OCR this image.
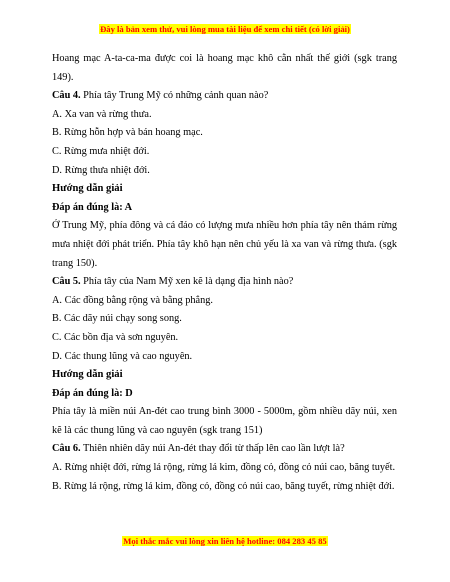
Đây là bản xem thử, vui lòng mua tài liệu để xem chi tiết (có lời giải)

Hoang mạc A-ta-ca-ma được coi là hoang mạc khô cằn nhất thế giới (sgk trang 149).

Câu 4. Phía tây Trung Mỹ có những cảnh quan nào?

A. Xa van và rừng thưa.

B. Rừng hỗn hợp và bán hoang mạc.

C. Rừng mưa nhiệt đới.

D. Rừng thưa nhiệt đới.

Hướng dẫn giải

Đáp án đúng là: A

Ở Trung Mỹ, phía đông và cá đảo có lượng mưa nhiều hơn phía tây nên thảm rừng mưa nhiệt đới phát triển. Phía tây khô hạn nên chủ yếu là xa van và rừng thưa. (sgk trang 150).

Câu 5. Phía tây của Nam Mỹ xen kẽ là dạng địa hình nào?

A. Các đồng bằng rộng và bằng phẳng.

B. Các dãy núi chạy song song.

C. Các bồn địa và sơn nguyên.

D. Các thung lũng và cao nguyên.

Hướng dẫn giải

Đáp án đúng là: D

Phía tây là miền núi An-đét cao trung bình 3000 - 5000m, gồm nhiều dãy núi, xen kẽ là các thung lũng và cao nguyên (sgk trang 151)

Câu 6. Thiên nhiên dãy núi An-đét thay đổi từ thấp lên cao lần lượt là?

A. Rừng nhiệt đới, rừng lá rộng, rừng lá kim, đồng cỏ, đồng cỏ núi cao, băng tuyết.

B. Rừng lá rộng, rừng lá kim, đồng cỏ, đồng cỏ núi cao, băng tuyết, rừng nhiệt đới.

Mọi thắc mắc vui lòng xin liên hệ hotline: 084 283 45 85
